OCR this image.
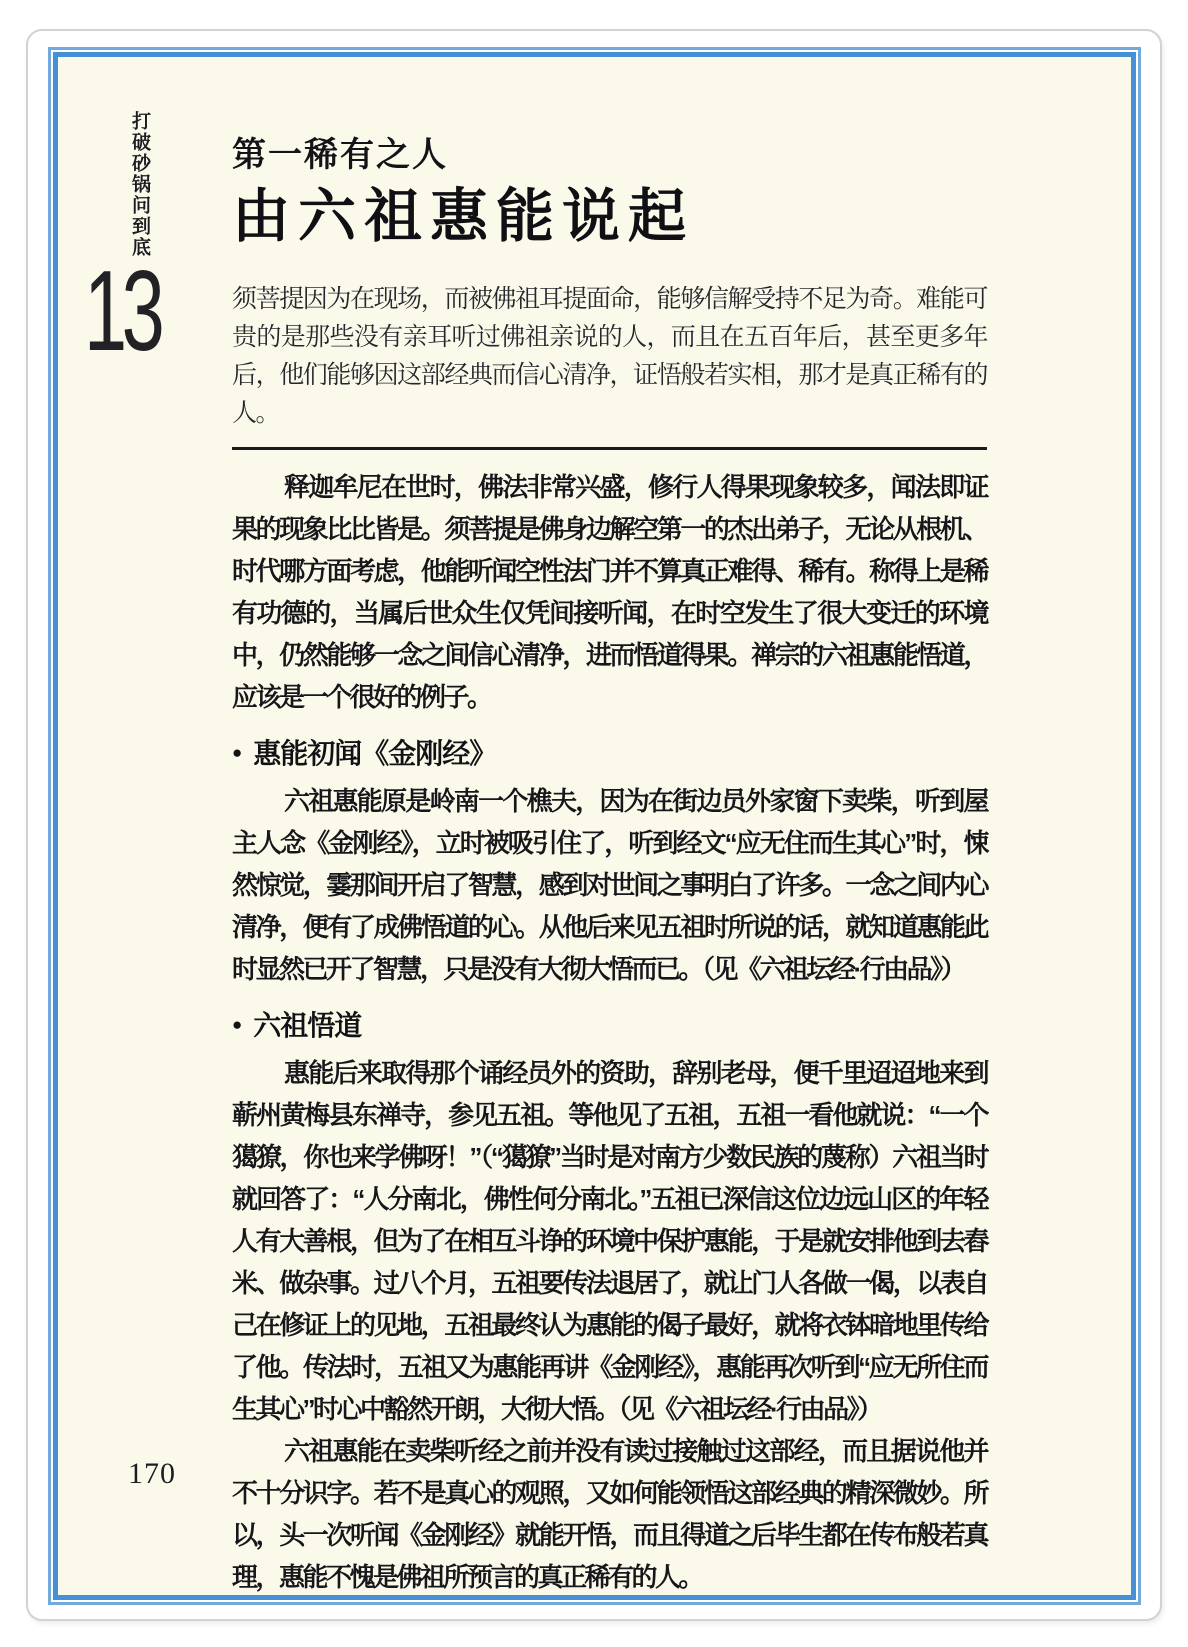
打破砂锅问到底
13
第一稀有之人
由六祖惠能说起

须菩提因为在现场，而被佛祖耳提面命，能够信解受持不足为奇。难能可贵的是那些没有亲耳听过佛祖亲说的人，而且在五百年后，甚至更多年后，他们能够因这部经典而信心清净，证悟般若实相，那才是真正稀有的人。

释迦牟尼在世时，佛法非常兴盛，修行人得果现象较多，闻法即证果的现象比比皆是。须菩提是佛身边解空第一的杰出弟子，无论从根机、时代哪方面考虑，他能听闻空性法门并不算真正难得、稀有。称得上是稀有功德的，当属后世众生仅凭间接听闻，在时空发生了很大变迁的环境中，仍然能够一念之间信心清净，进而悟道得果。禅宗的六祖惠能悟道，应该是一个很好的例子。

● 惠能初闻《金刚经》

六祖惠能原是岭南一个樵夫，因为在街边员外家窗下卖柴，听到屋主人念《金刚经》，立时被吸引住了，听到经文“应无住而生其心”时，悚然惊觉，霎那间开启了智慧，感到对世间之事明白了许多。一念之间内心清净，便有了成佛悟道的心。从他后来见五祖时所说的话，就知道惠能此时显然已开了智慧，只是没有大彻大悟而已。（见《六祖坛经·行由品》）

● 六祖悟道

惠能后来取得那个诵经员外的资助，辞别老母，便千里迢迢地来到蕲州黄梅县东禅寺，参见五祖。等他见了五祖，五祖一看他就说：“一个獦獠，你也来学佛呀！”（“獦獠”当时是对南方少数民族的蔑称）六祖当时就回答了：“人分南北，佛性何分南北。”五祖已深信这位边远山区的年轻人有大善根，但为了在相互斗诤的环境中保护惠能，于是就安排他到去舂米、做杂事。过八个月，五祖要传法退居了，就让门人各做一偈，以表自己在修证上的见地，五祖最终认为惠能的偈子最好，就将衣钵暗地里传给了他。传法时，五祖又为惠能再讲《金刚经》，惠能再次听到“应无所住而生其心”时心中豁然开朗，大彻大悟。（见《六祖坛经·行由品》）

六祖惠能在卖柴听经之前并没有读过接触过这部经，而且据说他并不十分识字。若不是真心的观照，又如何能领悟这部经典的精深微妙。所以，头一次听闻《金刚经》就能开悟，而且得道之后毕生都在传布般若真理，惠能不愧是佛祖所预言的真正稀有的人。

170
